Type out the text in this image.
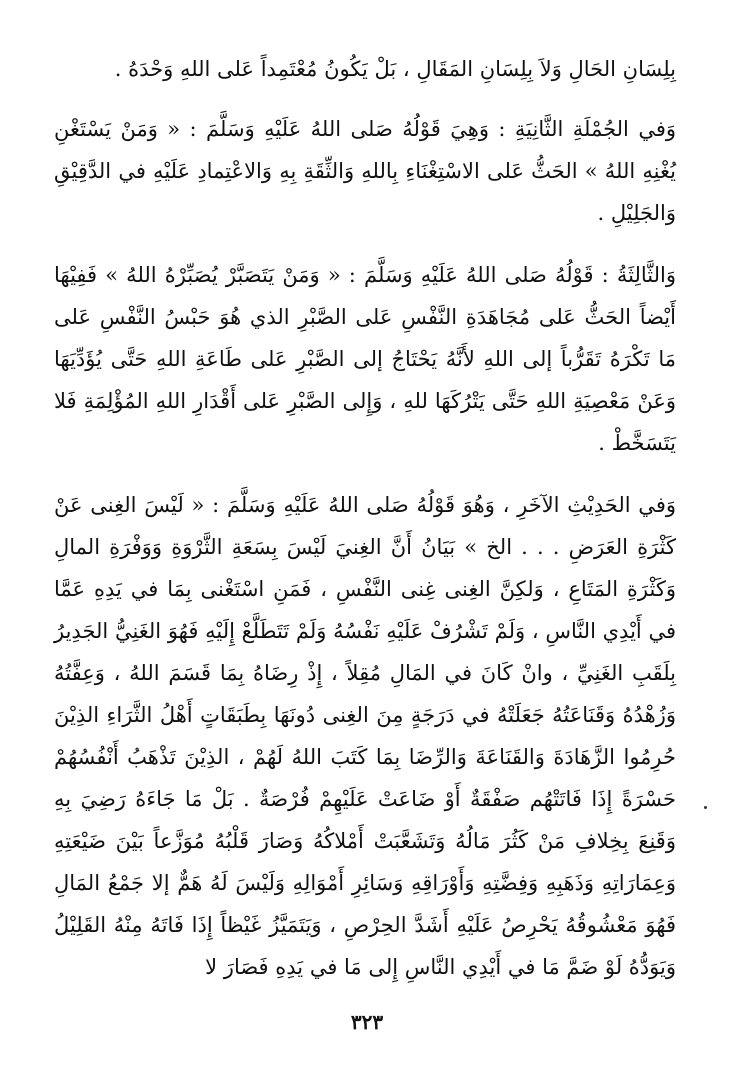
بِلِسَانِ الحَالِ وَلاَ بِلِسَانِ المَقَالِ ، بَلْ يَكُونُ مُعْتَمِداً عَلى اللهِ وَحْدَهُ .

وَفي الجُمْلَةِ الثَّانِيَةِ : وَهِيَ قَوْلُهُ صَلى اللهُ عَلَيْهِ وَسَلَّمَ : « وَمَنْ يَسْتَغْنِ يُغْنِهِ اللهُ » الحَثُّ عَلى الاسْتِغْنَاءِ بِاللهِ وَالثِّقَةِ بِهِ وَالاعْتِمادِ عَلَيْهِ في الدَّقِيْقِ وَالجَلِيْلِ .

وَالثَّالِثَةُ : قَوْلُهُ صَلى اللهُ عَلَيْهِ وَسَلَّمَ : « وَمَنْ يَتَصَبَّرْ يُصَبِّرْهُ اللهُ » فَفِيْهَا أَيْضاً الحَثُّ عَلى مُجَاهَدَةِ النَّفْسِ عَلى الصَّبْرِ الذي هُوَ حَبْسُ النَّفْسِ عَلى مَا تَكْرَهُ تَقَرُّباً إلى اللهِ لأَنَّهُ يَحْتَاجُ إلى الصَّبْرِ عَلى طَاعَةِ اللهِ حَتَّى يُؤَدِّيَهَا وَعَنْ مَعْصِيَةِ اللهِ حَتَّى يَتْرُكَهَا للهِ ، وَإِلى الصَّبْرِ عَلى أَقْدَارِ اللهِ المُؤْلِمَةِ فَلا يَتَسَخَّطْ .

وَفي الحَدِيْثِ الآخَرِ ، وَهُوَ قَوْلُهُ صَلى اللهُ عَلَيْهِ وَسَلَّمَ : « لَيْسَ الغِنى عَنْ كَثْرَةِ العَرَضِ . . . الخ » بَيَانُ أَنَّ الغِنيَ لَيْسَ بِسَعَةِ الثَّرْوَةِ وَوَفْرَةِ المالِ وَكَثْرَةِ المَتَاعِ ، وَلكِنَّ الغِنى غِنى النَّفْسِ ، فَمَنِ اسْتَغْنى بِمَا في يَدِهِ عَمَّا في أَيْدِي النَّاسِ ، وَلَمْ تَشْرُفْ عَلَيْهِ نَفْسُهُ وَلَمْ تَتَطَلَّعْ إِلَيْهِ فَهُوَ الغَنِيُّ الجَدِيرُ بِلَقَبِ الغَنِيِّ ، وانْ كَانَ في المَالِ مُقِلاً ، إِذْ رِضَاهُ بِمَا قَسَمَ اللهُ ، وَعِفَّتُهُ وَزُهْدُهُ وَقَنَاعَتُهُ جَعَلَتْهُ في دَرَجَةٍ مِنَ الغِنى دُونَهَا بِطَبَقَاتٍ أَهْلُ الثَّرَاءِ الذِيْنَ حُرِمُوا الزَّهَادَةَ وَالقَنَاعَةَ وَالرِّضَا بِمَا كَتَبَ اللهُ لَهُمْ ، الذِيْنَ تَذْهَبُ أَنْفُسُهُمْ حَسْرَةً إِذَا فَاتَتْهُم صَفْقَةٌ أَوْ ضَاعَتْ عَلَيْهِمْ فُرْصَةٌ . بَلْ مَا جَاءَهُ رَضِيَ بِهِ وَقَنِعَ بِخِلافِ مَنْ كَثُرَ مَالُهُ وَتَشَعَّبَتْ أَمْلاكُهُ وَصَارَ قَلْبُهُ مُوَزَّعاً بَيْنَ ضَيْعَتِهِ وَعِمَارَاتِهِ وَذَهَبِهِ وَفِضَّتِهِ وَأَوْرَاقِهِ وَسَائِرِ أَمْوَالِهِ وَلَيْسَ لَهُ هَمٌّ إلا جَمْعُ المَالِ فَهُوَ مَعْشُوقُهُ يَحْرِصُ عَلَيْهِ أَشَدَّ الحِرْصِ ، وَيَتَمَيَّزُ غَيْظاً إِذَا فَاتَهُ مِنْهُ القَلِيْلُ وَيَوَدُّهُ لَوْ ضَمَّ مَا في أَيْدِي النَّاسِ إِلى مَا في يَدِهِ فَصَارَ لا

٣٢٣
